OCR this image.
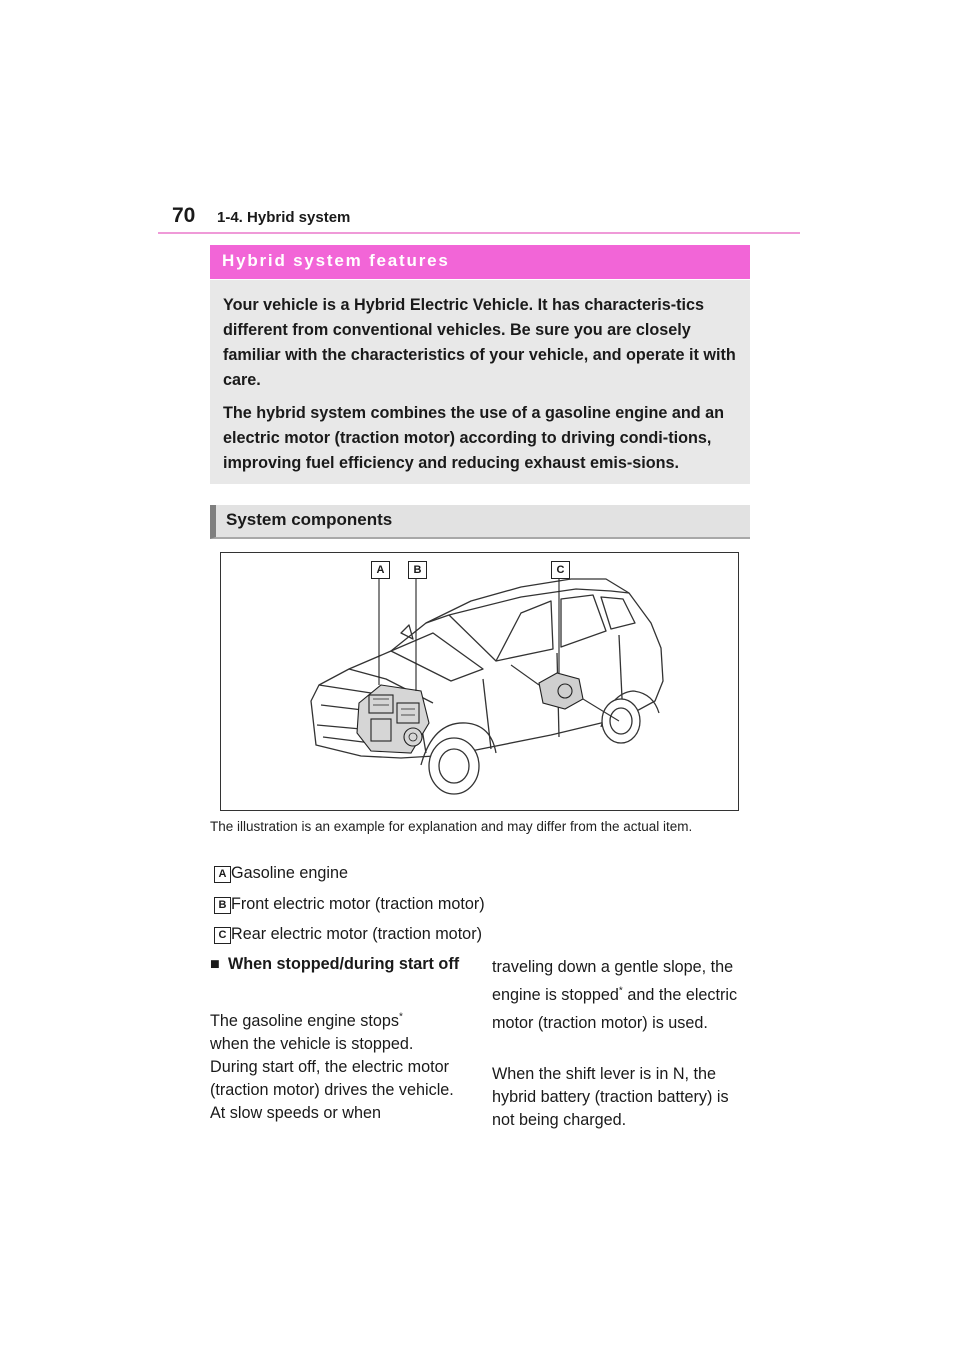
70 1-4. Hybrid system
Hybrid system features

Your vehicle is a Hybrid Electric Vehicle. It has characteris-tics different from conventional vehicles. Be sure you are closely familiar with the characteristics of your vehicle, and operate it with care.

The hybrid system combines the use of a gasoline engine and an electric motor (traction motor) according to driving condi-tions, improving fuel efficiency and reducing exhaust emis-sions.

System components
A	B	C
The illustration is an example for explanation and may differ from the actual item.
A Gasoline engine
B Front electric motor (traction motor)
C Rear electric motor (traction motor)
■ When stopped/during start off

The gasoline engine stops*
when the vehicle is stopped. During start off, the electric motor (traction motor) drives the vehicle. At slow speeds or when

traveling down a gentle slope, the engine is stopped* and the electric motor (traction motor) is used.

When the shift lever is in N, the hybrid battery (traction battery) is not being charged.
